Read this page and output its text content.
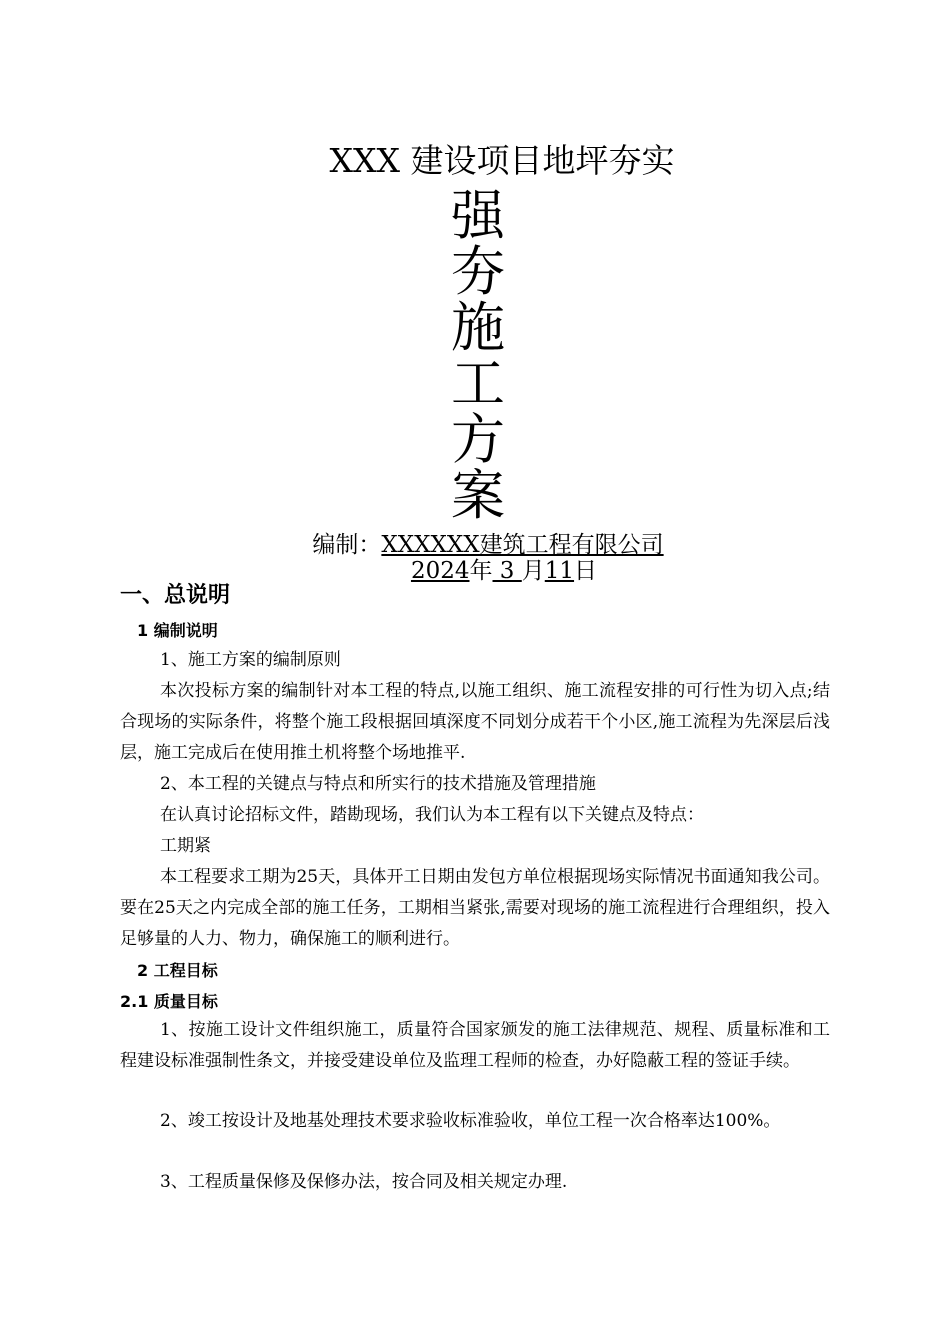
XXX 建设项目地坪夯实
强
夯
施
工
方
案
编制：XXXXXX建筑工程有限公司
2024年 3 月11日
一、总说明
1 编制说明
1、施工方案的编制原则
本次投标方案的编制针对本工程的特点,以施工组织、施工流程安排的可行性为切入点;结合现场的实际条件，将整个施工段根据回填深度不同划分成若干个小区,施工流程为先深层后浅层，施工完成后在使用推土机将整个场地推平.
2、本工程的关键点与特点和所实行的技术措施及管理措施
在认真讨论招标文件，踏勘现场，我们认为本工程有以下关键点及特点：
工期紧
本工程要求工期为25天，具体开工日期由发包方单位根据现场实际情况书面通知我公司。要在25天之内完成全部的施工任务，工期相当紧张,需要对现场的施工流程进行合理组织，投入足够量的人力、物力，确保施工的顺利进行。
2 工程目标
2.1 质量目标
1、按施工设计文件组织施工，质量符合国家颁发的施工法律规范、规程、质量标准和工程建设标准强制性条文，并接受建设单位及监理工程师的检查，办好隐蔽工程的签证手续。
2、竣工按设计及地基处理技术要求验收标准验收，单位工程一次合格率达100%。
3、工程质量保修及保修办法，按合同及相关规定办理.
